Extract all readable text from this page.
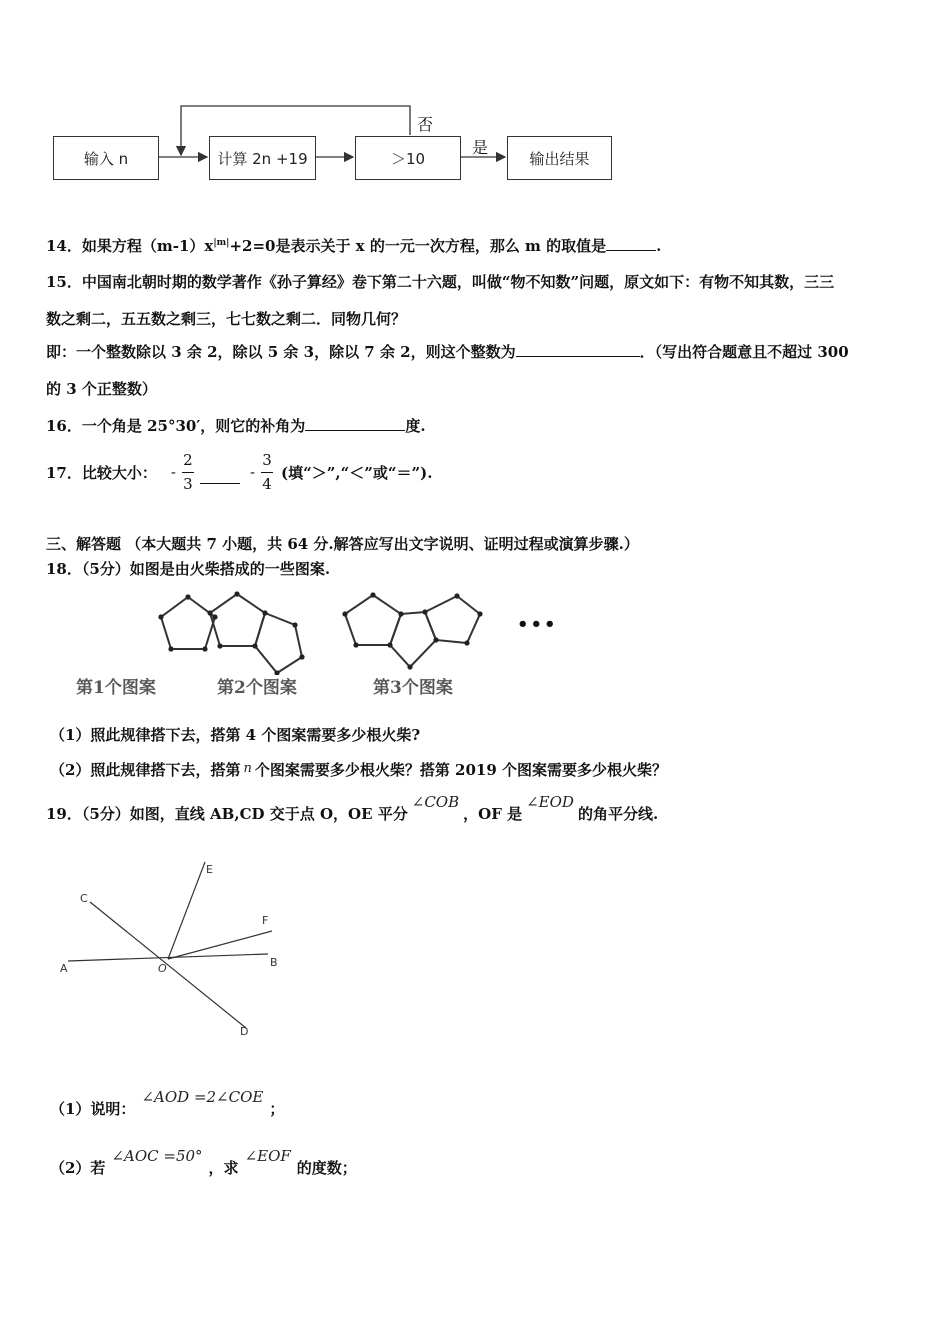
输入 n	计算 2n +19	＞10	输出结果
否
是
14．如果方程$(m-1)x^{|m|}+2=0$是表示关于 x 的一元一次方程，那么 m 的取值是	.
15．中国南北朝时期的数学著作《孙子算经》卷下第二十六题，叫做“物不知数”问题，原文如下：有物不知其数，三三
数之剩二，五五数之剩三，七七数之剩二．同物几何？
即：一个整数除以 3 余 2，除以 5 余 3，除以 7 余 2，则这个整数为	．（写出符合题意且不超过 300
的 3 个正整数）
16．一个角是 25°30′，则它的补角为	度.
17．比较大小： - $\frac{2}{3}$	- $\frac{3}{4}$ (填“＞”,“＜”或“＝”).
三、解答题 （本大题共 7 小题，共 64 分.解答应写出文字说明、证明过程或演算步骤.）
18．（5分）如图是由火柴搭成的一些图案.
•••
第1个图案	第2个图案	第3个图案
（1）照此规律搭下去，搭第 4 个图案需要多少根火柴?
（2）照此规律搭下去，搭第 n 个图案需要多少根火柴？搭第 2019 个图案需要多少根火柴？
19．（5分）如图，直线 AB,CD 交于点 O，OE 平分∠COB，OF 是∠EOD的角平分线.
A	B
C
D
E
F
O
（1）说明：∠AOD =2∠COE；
（2）若∠AOC =50°，求∠EOF的度数；
